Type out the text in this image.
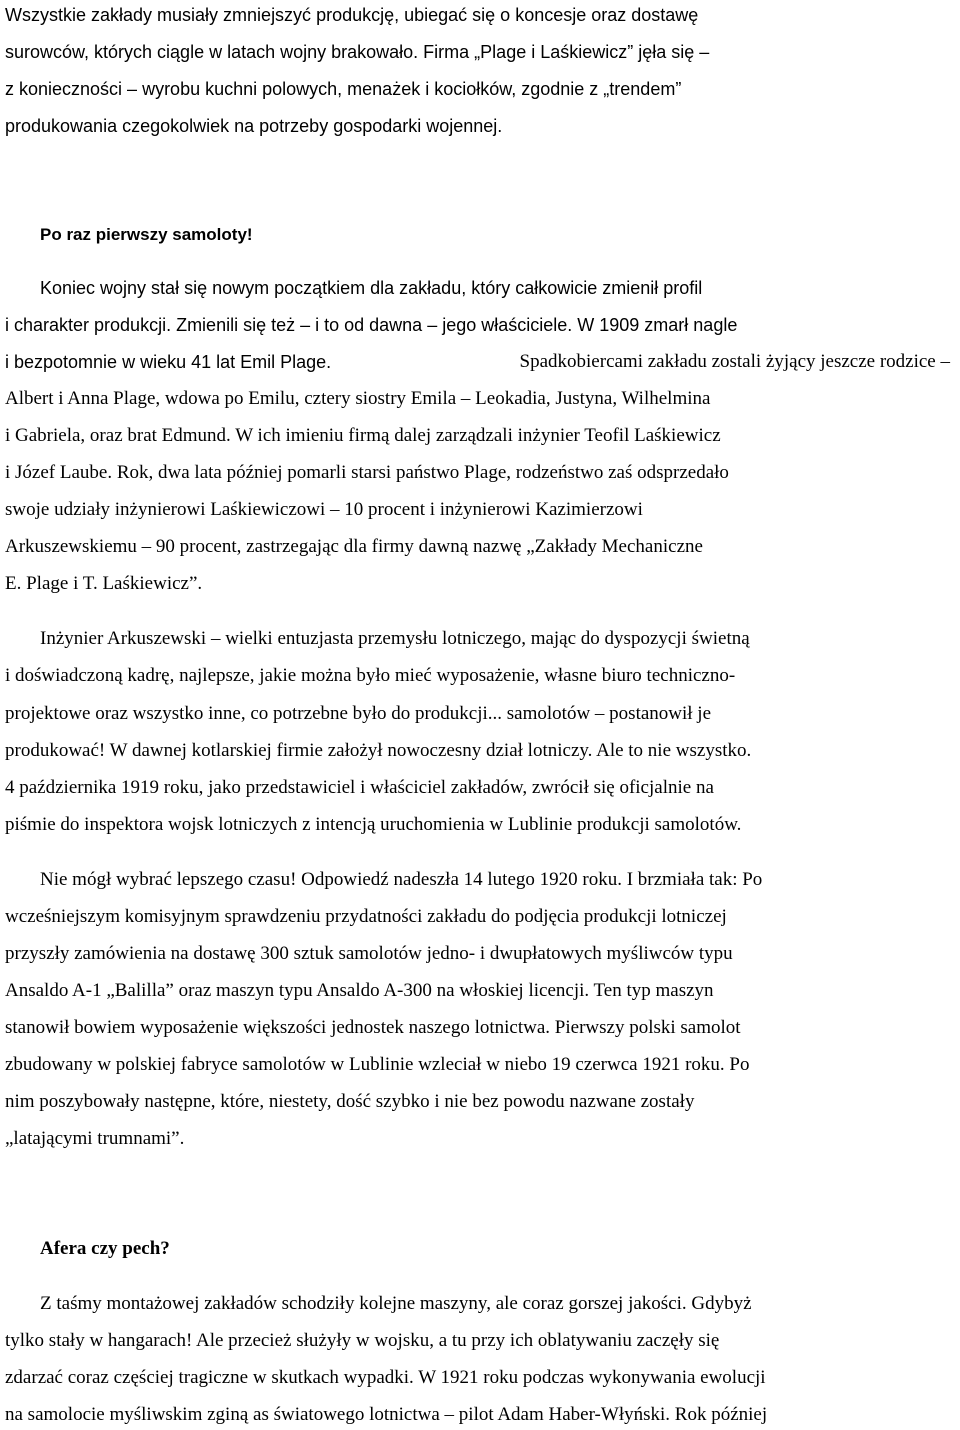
Wszystkie zakłady musiały zmniejszyć produkcję, ubiegać się o koncesje oraz dostawę

surowców, których ciągle w latach wojny brakowało. Firma „Plage i Laśkiewicz” jęła się –

z konieczności – wyrobu kuchni polowych, menażek i kociołków, zgodnie z „trendem”

produkowania czegokolwiek na potrzeby gospodarki wojennej.

Po raz pierwszy samoloty!

Koniec wojny stał się nowym początkiem dla zakładu, który całkowicie zmienił profil

i charakter produkcji. Zmienili się też – i to od dawna – jego właściciele. W 1909 zmarł nagle

i bezpotomnie w wieku 41 lat Emil Plage.	Spadkobiercami zakładu zostali żyjący jeszcze rodzice –

Albert i Anna Plage, wdowa po Emilu, cztery siostry Emila – Leokadia, Justyna, Wilhelmina

i Gabriela, oraz brat Edmund. W ich imieniu firmą dalej zarządzali inżynier Teofil Laśkiewicz

i Józef Laube. Rok, dwa lata później pomarli starsi państwo Plage, rodzeństwo zaś odsprzedało

swoje udziały inżynierowi Laśkiewiczowi – 10 procent i inżynierowi Kazimierzowi

Arkuszewskiemu – 90 procent, zastrzegając dla firmy dawną nazwę „Zakłady Mechaniczne

E. Plage i T. Laśkiewicz”.

Inżynier Arkuszewski – wielki entuzjasta przemysłu lotniczego, mając do dyspozycji świetną

i doświadczoną kadrę, najlepsze, jakie można było mieć wyposażenie, własne biuro techniczno-

projektowe oraz wszystko inne, co potrzebne było do produkcji... samolotów – postanowił je

produkować! W dawnej kotlarskiej firmie założył nowoczesny dział lotniczy. Ale to nie wszystko.

4 października 1919 roku, jako przedstawiciel i właściciel zakładów, zwrócił się oficjalnie na

piśmie do inspektora wojsk lotniczych z intencją uruchomienia w Lublinie produkcji samolotów.

Nie mógł wybrać lepszego czasu! Odpowiedź nadeszła 14 lutego 1920 roku. I brzmiała tak: Po

wcześniejszym komisyjnym sprawdzeniu przydatności zakładu do podjęcia produkcji lotniczej

przyszły zamówienia na dostawę 300 sztuk samolotów jedno- i dwupłatowych myśliwców typu

Ansaldo A-1 „Balilla” oraz maszyn typu Ansaldo A-300 na włoskiej licencji. Ten typ maszyn

stanowił bowiem wyposażenie większości jednostek naszego lotnictwa. Pierwszy polski samolot

zbudowany w polskiej fabryce samolotów w Lublinie wzleciał w niebo 19 czerwca 1921 roku. Po

nim poszybowały następne, które, niestety, dość szybko i nie bez powodu nazwane zostały

„latającymi trumnami”.

Afera czy pech?

Z taśmy montażowej zakładów schodziły kolejne maszyny, ale coraz gorszej jakości. Gdybyż

tylko stały w hangarach! Ale przecież służyły w wojsku, a tu przy ich oblatywaniu zaczęły się

zdarzać coraz częściej tragiczne w skutkach wypadki. W 1921 roku podczas wykonywania ewolucji

na samolocie myśliwskim zginą as światowego lotnictwa – pilot Adam Haber-Włyński. Rok później
